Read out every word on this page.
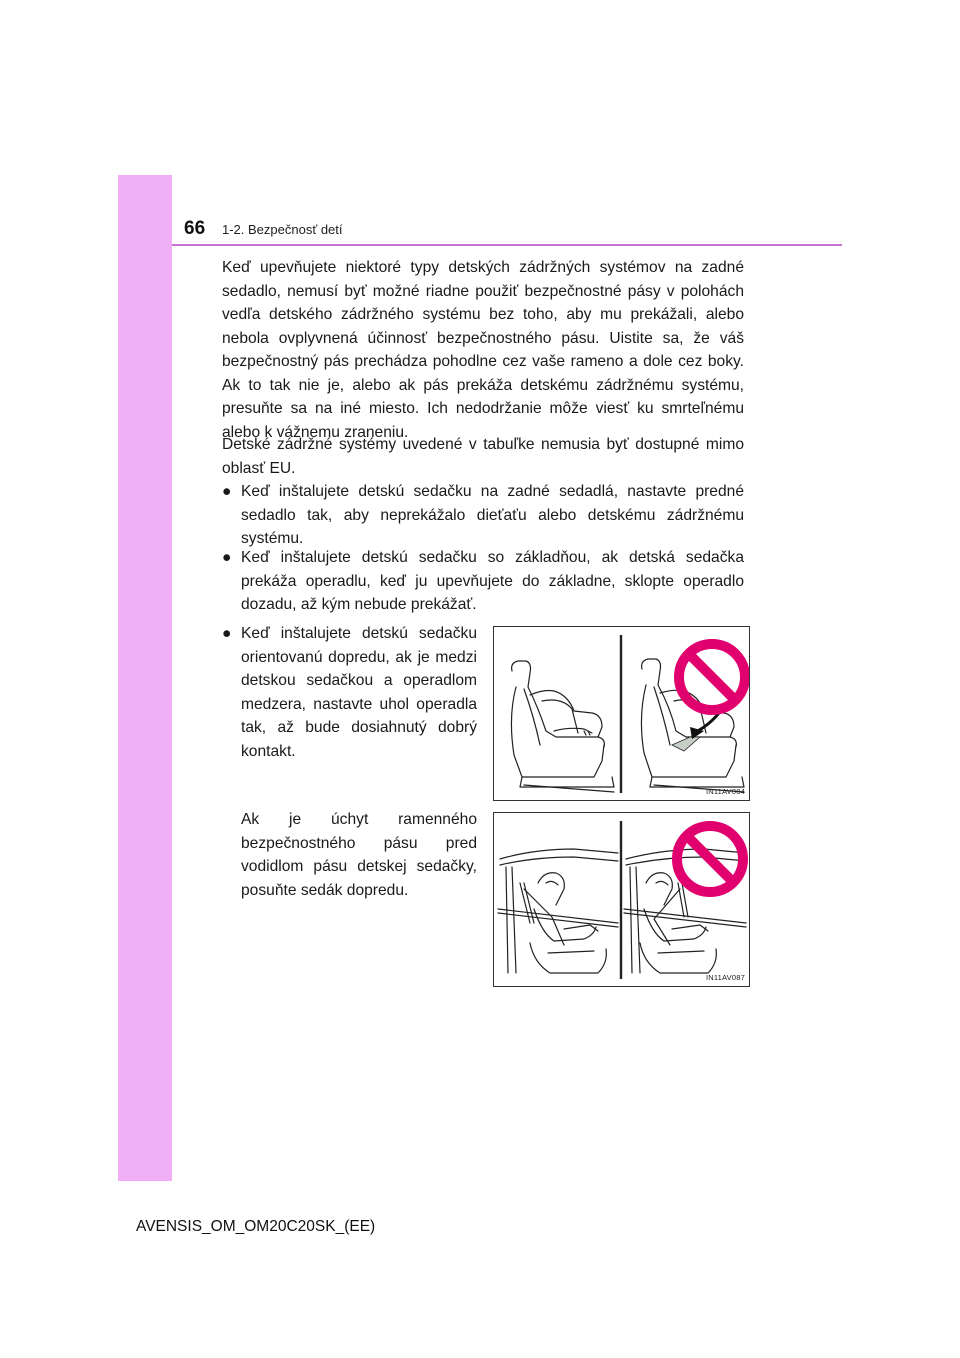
66 1-2. Bezpečnosť detí

Keď upevňujete niektoré typy detských zádržných systémov na zadné sedadlo, nemusí byť možné riadne použiť bezpečnostné pásy v polohách vedľa detského zádržného systému bez toho, aby mu prekážali, alebo nebola ovplyvnená účinnosť bezpečnostného pásu. Uistite sa, že váš bezpečnostný pás prechádza pohodlne cez vaše rameno a dole cez boky. Ak to tak nie je, alebo ak pás prekáža detskému zádržnému systému, presuňte sa na iné miesto. Ich nedodržanie môže viesť ku smrteľnému alebo k vážnemu zraneniu.

Detské zádržné systémy uvedené v tabuľke nemusia byť dostupné mimo oblasť EU.

● Keď inštalujete detskú sedačku na zadné sedadlá, nastavte predné sedadlo tak, aby neprekážalo dieťaťu alebo detskému zádržnému systému.

● Keď inštalujete detskú sedačku so základňou, ak detská sedačka prekáža operadlu, keď ju upevňujete do základne, sklopte operadlo dozadu, až kým nebude prekážať.

● Keď inštalujete detskú sedačku orientovanú dopredu, ak je medzi detskou sedačkou a operadlom medzera, nastavte uhol operadla tak, až bude dosiahnutý dobrý kontakt.

Ak je úchyt ramenného bezpečnostného pásu pred vodidlom pásu detskej sedačky, posuňte sedák dopredu.

IN11AV084
IN11AV087
AVENSIS_OM_OM20C20SK_(EE)
